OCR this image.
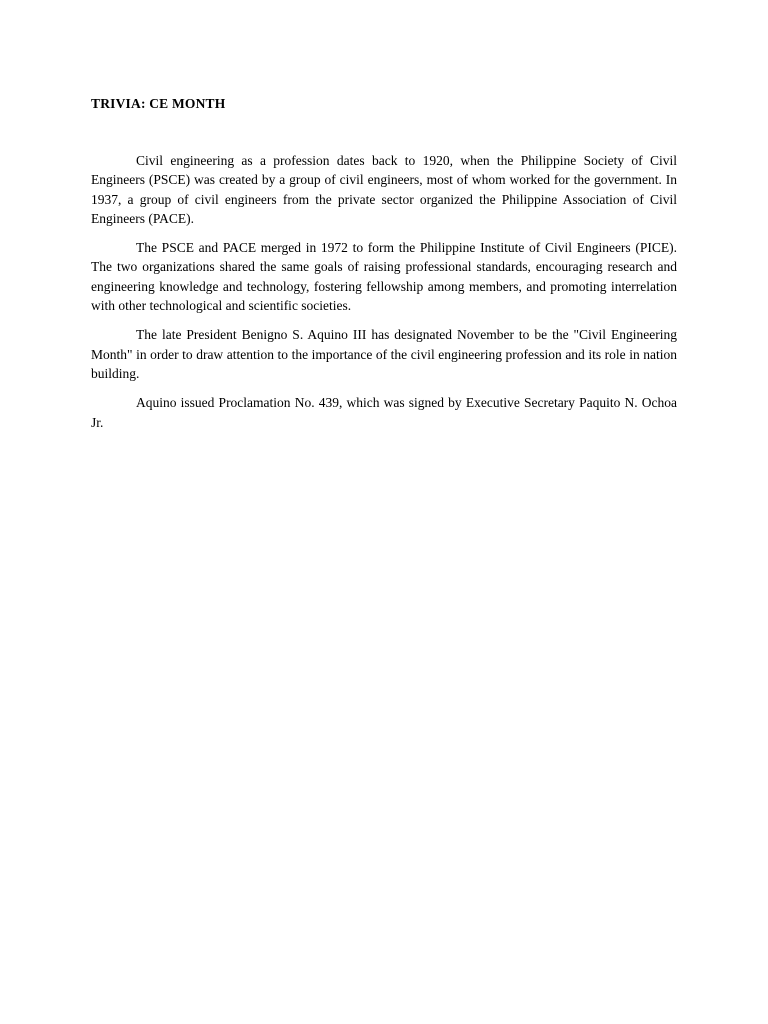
TRIVIA: CE MONTH

Civil engineering as a profession dates back to 1920, when the Philippine Society of Civil Engineers (PSCE) was created by a group of civil engineers, most of whom worked for the government. In 1937, a group of civil engineers from the private sector organized the Philippine Association of Civil Engineers (PACE).

The PSCE and PACE merged in 1972 to form the Philippine Institute of Civil Engineers (PICE). The two organizations shared the same goals of raising professional standards, encouraging research and engineering knowledge and technology, fostering fellowship among members, and promoting interrelation with other technological and scientific societies.

The late President Benigno S. Aquino III has designated November to be the "Civil Engineering Month" in order to draw attention to the importance of the civil engineering profession and its role in nation building.

Aquino issued Proclamation No. 439, which was signed by Executive Secretary Paquito N. Ochoa Jr.
